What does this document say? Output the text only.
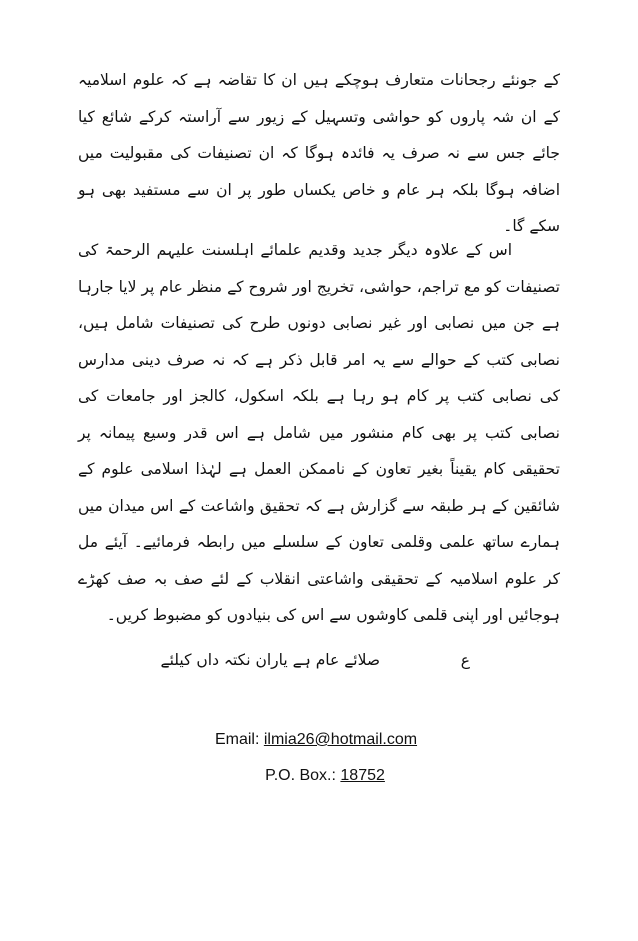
کے جونئے رجحانات متعارف ہوچکے ہیں ان کا تقاضہ ہے کہ علوم اسلامیہ کے ان شہ پاروں کو حواشی وتسہیل کے زیور سے آراستہ کرکے شائع کیا جائے جس سے نہ صرف یہ فائدہ ہوگا کہ ان تصنیفات کی مقبولیت میں اضافہ ہوگا بلکہ ہر عام و خاص یکساں طور پر ان سے مستفید بھی ہو سکے گا۔
اس کے علاوہ دیگر جدید وقدیم علمائے اہلسنت علیہم الرحمۃ کی تصنیفات کو مع تراجم، حواشی، تخریج اور شروح کے منظر عام پر لایا جارہا ہے جن میں نصابی اور غیر نصابی دونوں طرح کی تصنیفات شامل ہیں، نصابی کتب کے حوالے سے یہ امر قابل ذکر ہے کہ نہ صرف دینی مدارس کی نصابی کتب پر کام ہو رہا ہے بلکہ اسکول، کالجز اور جامعات کی نصابی کتب پر بھی کام منشور میں شامل ہے اس قدر وسیع پیمانہ پر تحقیقی کام یقیناً بغیر تعاون کے ناممکن العمل ہے لہٰذا اسلامی علوم کے شائقین کے ہر طبقہ سے گزارش ہے کہ تحقیق واشاعت کے اس میدان میں ہمارے ساتھ علمی وقلمی تعاون کے سلسلے میں رابطہ فرمائیے۔ آیئے مل کر علوم اسلامیہ کے تحقیقی واشاعتی انقلاب کے لئے صف بہ صف کھڑے ہوجائیں اور اپنی قلمی کاوشوں سے اس کی بنیادوں کو مضبوط کریں۔
ع
صلائے عام ہے یاران نکتہ داں کیلئے
Email: ilmia26@hotmail.com
P.O. Box.: 18752
